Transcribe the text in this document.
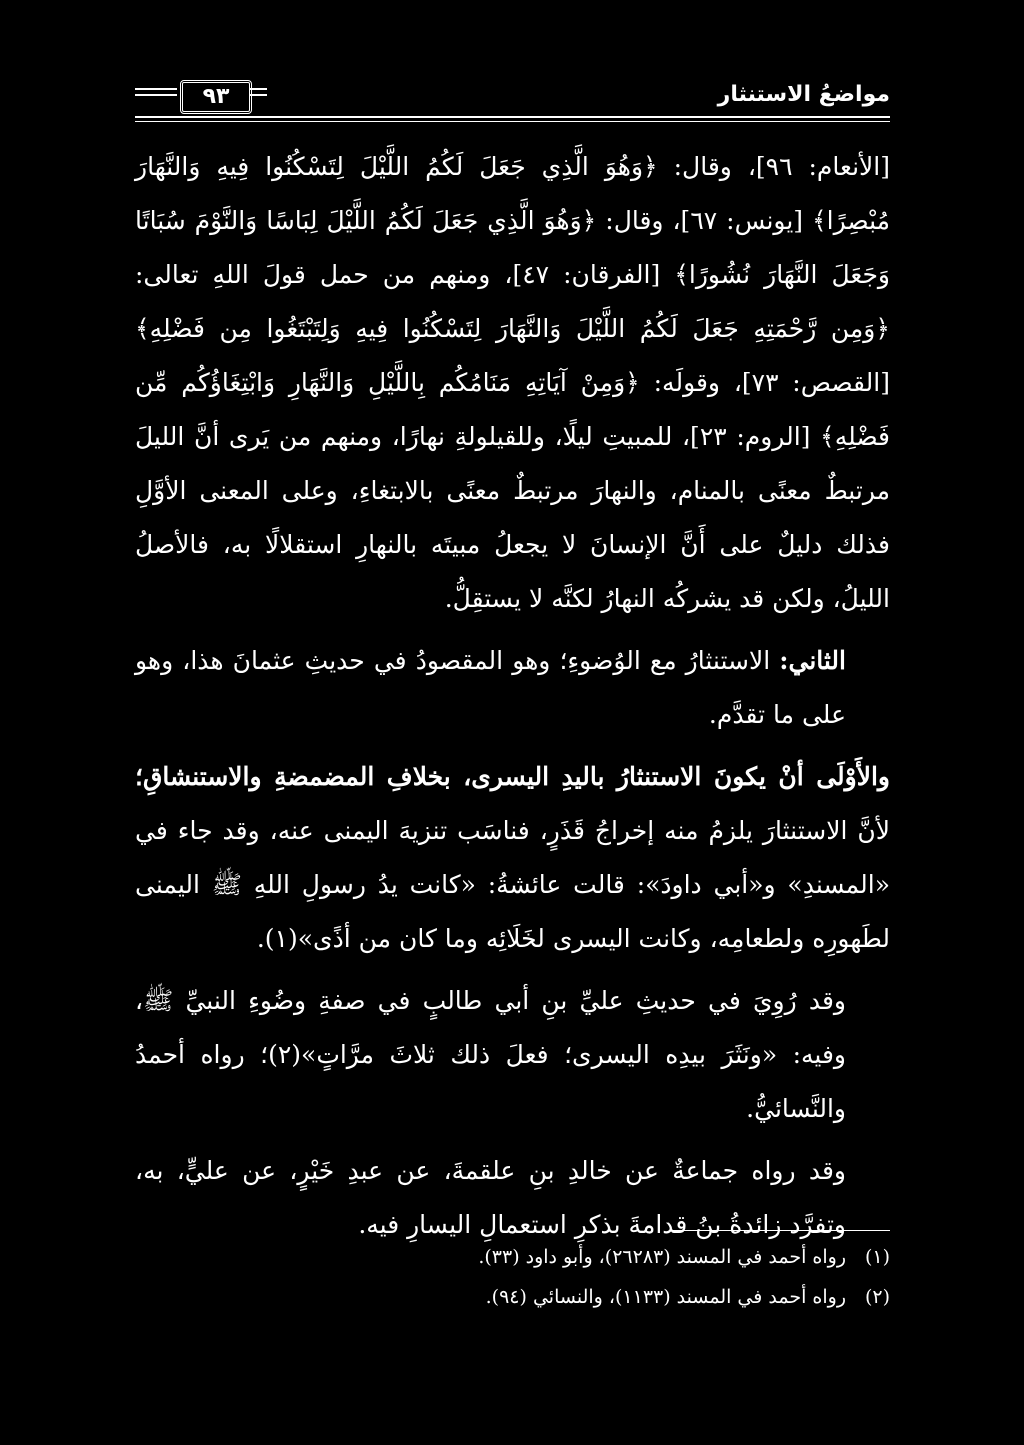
٩٣	مواضعُ الاستنثار

[الأنعام: ٩٦]، وقال: ﴿وَهُوَ الَّذِي جَعَلَ لَكُمُ اللَّيْلَ لِتَسْكُنُوا فِيهِ وَالنَّهَارَ مُبْصِرًا﴾ [يونس: ٦٧]، وقال: ﴿وَهُوَ الَّذِي جَعَلَ لَكُمُ اللَّيْلَ لِبَاسًا وَالنَّوْمَ سُبَاتًا وَجَعَلَ النَّهَارَ نُشُورًا﴾ [الفرقان: ٤٧]، ومنهم من حمل قولَ اللهِ تعالى: ﴿وَمِن رَّحْمَتِهِ جَعَلَ لَكُمُ اللَّيْلَ وَالنَّهَارَ لِتَسْكُنُوا فِيهِ وَلِتَبْتَغُوا مِن فَضْلِهِ﴾ [القصص: ٧٣]، وقولَه: ﴿وَمِنْ آيَاتِهِ مَنَامُكُم بِاللَّيْلِ وَالنَّهَارِ وَابْتِغَاؤُكُم مِّن فَضْلِهِ﴾ [الروم: ٢٣]، للمبيتِ ليلًا، وللقيلولةِ نهارًا، ومنهم من يَرى أنَّ الليلَ مرتبطٌ معنًى بالمنام، والنهارَ مرتبطٌ معنًى بالابتغاءِ، وعلى المعنى الأوَّلِ فذلك دليلٌ على أَنَّ الإنسانَ لا يجعلُ مبيتَه بالنهارِ استقلالًا به، فالأصلُ الليلُ، ولكن قد يشركُه النهارُ لكنَّه لا يستقِلُّ.

الثاني: الاستنثارُ مع الوُضوءِ؛ وهو المقصودُ في حديثِ عثمانَ هذا، وهو على ما تقدَّم.

والأَوْلَى أنْ يكونَ الاستنثارُ باليدِ اليسرى، بخلافِ المضمضةِ والاستنشاقِ؛ لأنَّ الاستنثارَ يلزمُ منه إخراجُ قَذَرٍ، فناسَب تنزيهَ اليمنى عنه، وقد جاء في «المسندِ» و«أبي داودَ»: قالت عائشةُ: «كانت يدُ رسولِ اللهِ ﷺ اليمنى لطَهورِه ولطعامِه، وكانت اليسرى لخَلَائِه وما كان من أذًى»(١).

وقد رُوِيَ في حديثِ عليِّ بنِ أبي طالبٍ في صفةِ وضُوءِ النبيِّ ﷺ، وفيه: «ونَثَرَ بيدِه اليسرى؛ فعلَ ذلك ثلاثَ مرَّاتٍ»(٢)؛ رواه أحمدُ والنَّسائيُّ.

وقد رواه جماعةٌ عن خالدِ بنِ علقمةَ، عن عبدِ خَيْرٍ، عن عليٍّ، به، وتفرَّد زائدةُ بنُ قدامةَ بذكرِ استعمالِ اليسارِ فيه.

(١)رواه أحمد في المسند (٢٦٢٨٣)، وأبو داود (٣٣).

(٢)رواه أحمد في المسند (١١٣٣)، والنسائي (٩٤).
